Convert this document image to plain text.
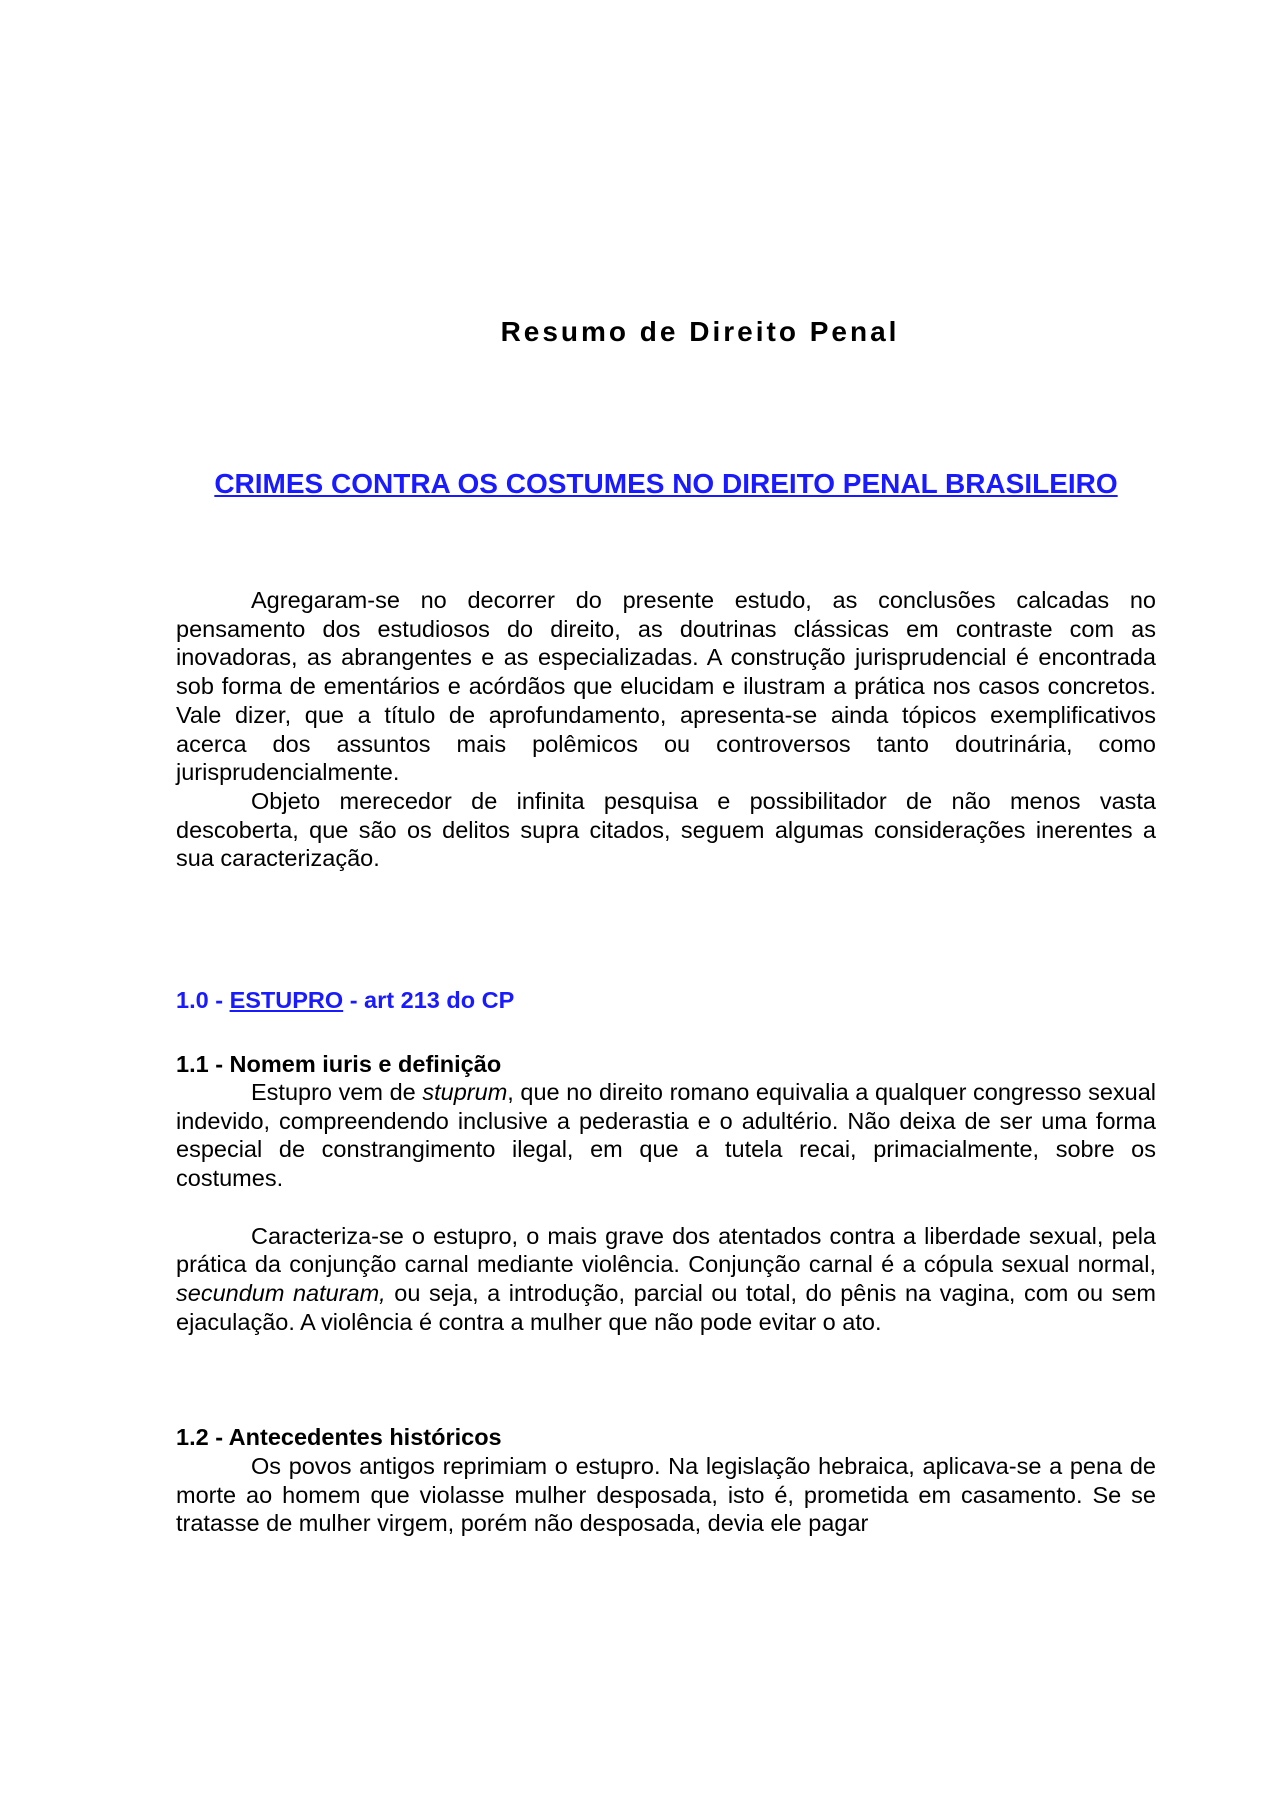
Resumo de Direito Penal
CRIMES CONTRA OS COSTUMES NO DIREITO PENAL BRASILEIRO

Agregaram-se no decorrer do presente estudo, as conclusões calcadas no pensamento dos estudiosos do direito, as doutrinas clássicas em contraste com as inovadoras, as abrangentes e as especializadas. A construção jurisprudencial é encontrada sob forma de ementários e acórdãos que elucidam e ilustram a prática nos casos concretos. Vale dizer, que a título de aprofundamento, apresenta-se ainda tópicos exemplificativos acerca dos assuntos mais polêmicos ou controversos tanto doutrinária, como jurisprudencialmente.

Objeto merecedor de infinita pesquisa e possibilitador de não menos vasta descoberta, que são os delitos supra citados, seguem algumas considerações inerentes a sua caracterização.

1.0 - ESTUPRO - art 213 do CP
1.1 - Nomem iuris e definição

Estupro vem de stuprum, que no direito romano equivalia a qualquer congresso sexual indevido, compreendendo inclusive a pederastia e o adultério. Não deixa de ser uma forma especial de constrangimento ilegal, em que a tutela recai, primacialmente, sobre os costumes.

Caracteriza-se o estupro, o mais grave dos atentados contra a liberdade sexual, pela prática da conjunção carnal mediante violência. Conjunção carnal é a cópula sexual normal, secundum naturam, ou seja, a introdução, parcial ou total, do pênis na vagina, com ou sem ejaculação. A violência é contra a mulher que não pode evitar o ato.

1.2 - Antecedentes históricos

Os povos antigos reprimiam o estupro. Na legislação hebraica, aplicava-se a pena de morte ao homem que violasse mulher desposada, isto é, prometida em casamento. Se se tratasse de mulher virgem, porém não desposada, devia ele pagar
